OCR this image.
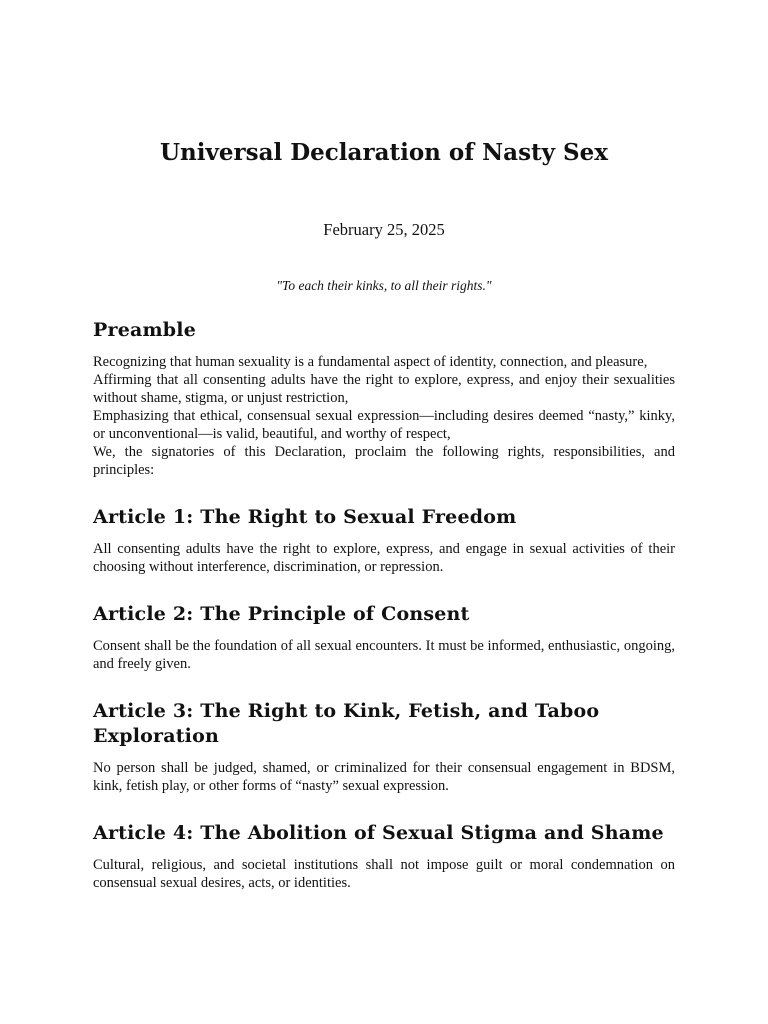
Universal Declaration of Nasty Sex
February 25, 2025
"To each their kinks, to all their rights."
Preamble

Recognizing that human sexuality is a fundamental aspect of identity, connection, and pleasure,
Affirming that all consenting adults have the right to explore, express, and enjoy their sexualities without shame, stigma, or unjust restriction,
Emphasizing that ethical, consensual sexual expression—including desires deemed “nasty,” kinky, or unconventional—is valid, beautiful, and worthy of respect,
We, the signatories of this Declaration, proclaim the following rights, responsibilities, and principles:

Article 1: The Right to Sexual Freedom

All consenting adults have the right to explore, express, and engage in sexual activities of their choosing without interference, discrimination, or repression.

Article 2: The Principle of Consent

Consent shall be the foundation of all sexual encounters. It must be informed, enthusiastic, ongoing, and freely given.

Article 3: The Right to Kink, Fetish, and Taboo Exploration

No person shall be judged, shamed, or criminalized for their consensual engagement in BDSM, kink, fetish play, or other forms of “nasty” sexual expression.

Article 4: The Abolition of Sexual Stigma and Shame

Cultural, religious, and societal institutions shall not impose guilt or moral condemnation on consensual sexual desires, acts, or identities.
